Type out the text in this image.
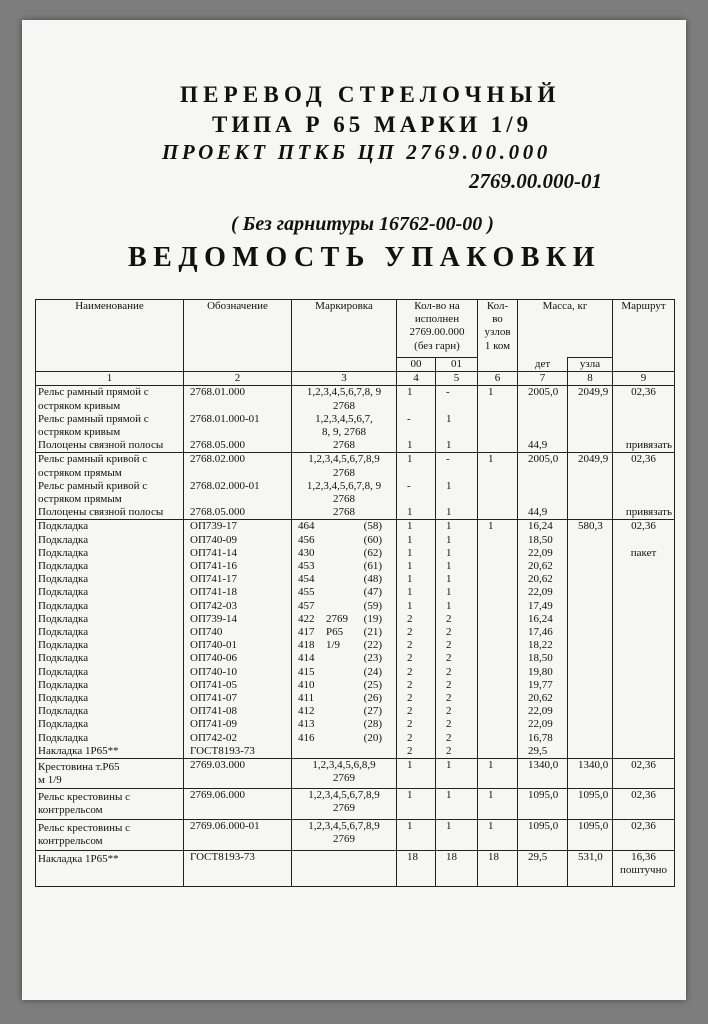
ПЕРЕВОД СТРЕЛОЧНЫЙ
ТИПА Р 65 МАРКИ 1/9
ПРОЕКТ ПТКБ ЦП 2769.00.000
2769.00.000-01
( Без гарнитуры 16762-00-00 )
ВЕДОМОСТЬ УПАКОВКИ
Наименование	Обозначение	Маркировка	Кол-во на
исполнен
2769.00.000
(без гарн)		Кол-
во
узлов
1 ком	Масса, кг		Маршрут
			00	01		дет	узла	
1	2	3	4	5	6	7	8	9

Рельс рамный прямой с
остряком кривым	2768.01.000	1,2,3,4,5,6,7,8, 9
2768	1	-	1	2005,0	2049,9	02,36

Рельс рамный прямой с
остряком кривым	2768.01.000-01	1,2,3,4,5,6,7,
8, 9, 2768	-	1				

Полоцены связной полосы	2768.05.000	2768	1	1		44,9		привязать

Рельс рамный кривой с
остряком прямым	2768.02.000	1,2,3,4,5,6,7,8,9
2768	1	-	1	2005,0	2049,9	02,36

Рельс рамный кривой с
остряком прямым	2768.02.000-01	1,2,3,4,5,6,7,8, 9
2768	-	1				

Полоцены связной полосы	2768.05.000	2768	1	1		44,9		привязать
Подкладка	ОП739-17	464 (58)	1	1	1	16,24	580,3	02,36
Подкладка	ОП740-09	456 (60)	1	1		18,50		
Подкладка	ОП741-14	430 (62)	1	1		22,09		пакет
Подкладка	ОП741-16	453 (61)	1	1		20,62		
Подкладка	ОП741-17	454 (48)	1	1		20,62		
Подкладка	ОП741-18	455 (47)	1	1		22,09		
Подкладка	ОП742-03	457 (59)	1	1		17,49		
Подкладка	ОП739-14	422 2769 (19)	2	2		16,24		
Подкладка	ОП740	417 Р65 (21)	2	2		17,46		
Подкладка	ОП740-01	418 1/9 (22)	2	2		18,22		
Подкладка	ОП740-06	414 (23)	2	2		18,50		
Подкладка	ОП740-10	415 (24)	2	2		19,80		
Подкладка	ОП741-05	410 (25)	2	2		19,77		
Подкладка	ОП741-07	411 (26)	2	2		20,62		
Подкладка	ОП741-08	412 (27)	2	2		22,09		
Подкладка	ОП741-09	413 (28)	2	2		22,09		
Подкладка	ОП742-02	416 (20)	2	2		16,78		
Накладка 1Р65**	ГОСТ8193-73		2	2		29,5		

Крестовина т.Р65
м 1/9	2769.03.000	1,2,3,4,5,6,8,9
2769	1	1	1	1340,0	1340,0	02,36

Рельс крестовины с
контррельсом	2769.06.000	1,2,3,4,5,6,7,8,9
2769	1	1	1	1095,0	1095,0	02,36

Рельс крестовины с
контррельсом	2769.06.000-01	1,2,3,4,5,6,7,8,9
2769	1	1	1	1095,0	1095,0	02,36

Накладка 1Р65**	ГОСТ8193-73		18	18	18	29,5	531,0	16,36 поштучно
